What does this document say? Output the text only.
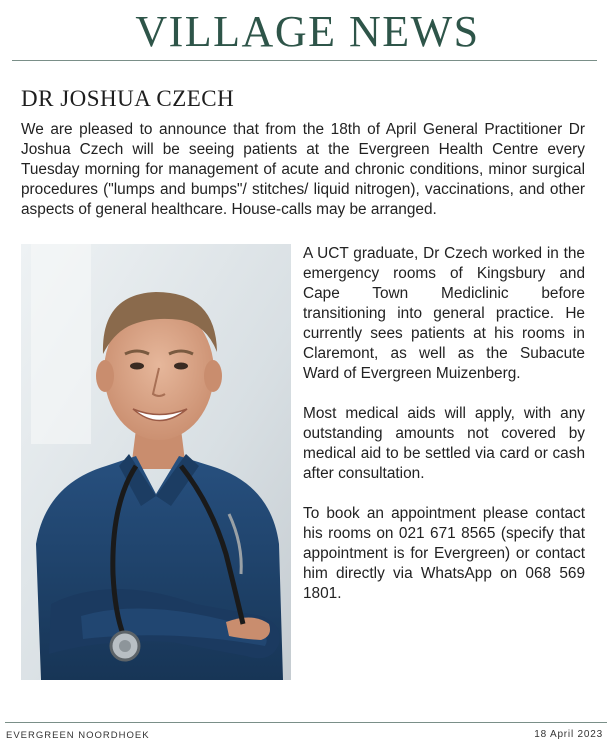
VILLAGE NEWS
DR JOSHUA CZECH

We are pleased to announce that from the 18th of April General Practitioner Dr Joshua Czech will be seeing patients at the Evergreen Health Centre every Tuesday morning for management of acute and chronic conditions, minor surgical procedures ("lumps and bumps"/ stitches/ liquid nitrogen), vaccinations, and other aspects of general healthcare. House-calls may be arranged.

A UCT graduate, Dr Czech worked in the emergency rooms of Kingsbury and Cape Town Mediclinic before transitioning into general practice. He currently sees patients at his rooms in Claremont, as well as the Subacute Ward of Evergreen Muizenberg.

Most medical aids will apply, with any outstanding amounts not covered by medical aid to be settled via card or cash after consultation.

To book an appointment please contact his rooms on 021 671 8565 (specify that appointment is for Evergreen) or contact him directly via WhatsApp on 068 569 1801.

EVERGREEN NOORDHOEK	18 April 2023
